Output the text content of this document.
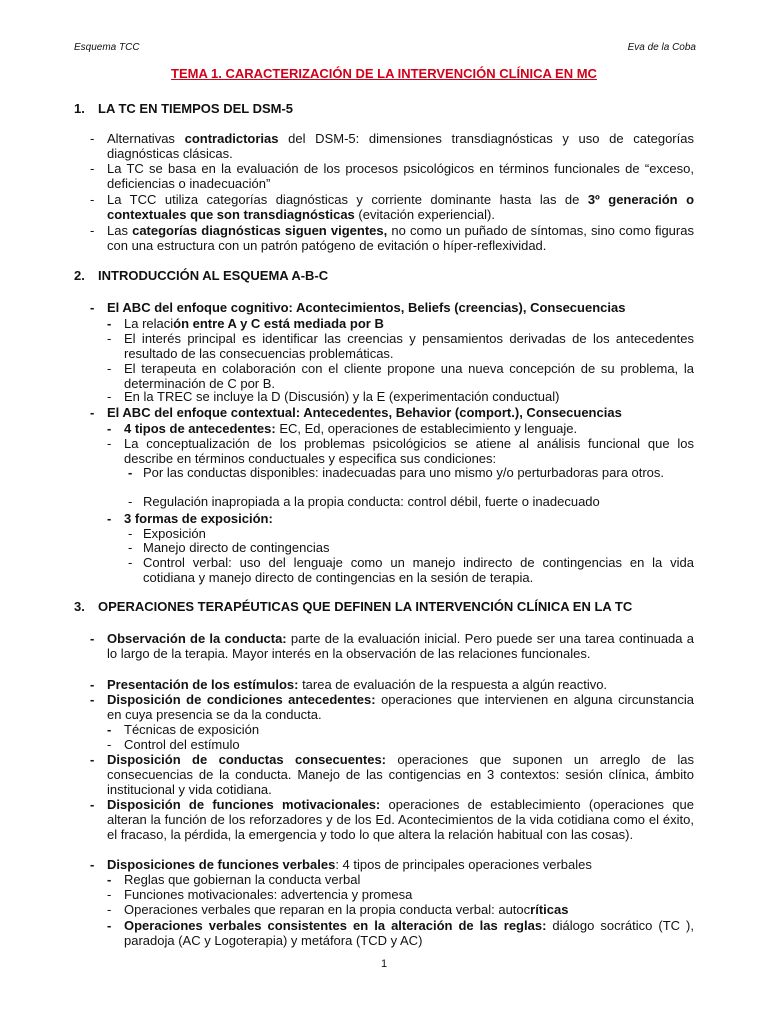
Esquema TCC	Eva de la Coba
TEMA 1. CARACTERIZACIÓN DE LA INTERVENCIÓN CLÍNICA EN MC
1. LA TC EN TIEMPOS DEL DSM-5
- Alternativas contradictorias del DSM-5: dimensiones transdiagnósticas y uso de categorías diagnósticas clásicas.
- La TC se basa en la evaluación de los procesos psicológicos en términos funcionales de “exceso, deficiencias o inadecuación”
- La TCC utiliza categorías diagnósticas y corriente dominante hasta las de 3º generación o contextuales que son transdiagnósticas (evitación experiencial).
- Las categorías diagnósticas siguen vigentes, no como un puñado de síntomas, sino como figuras con una estructura con un patrón patógeno de evitación o híper-reflexividad.
2. INTRODUCCIÓN AL ESQUEMA A-B-C
- El ABC del enfoque cognitivo: Acontecimientos, Beliefs (creencias), Consecuencias
- La relación entre A y C está mediada por B
- El interés principal es identificar las creencias y pensamientos derivadas de los antecedentes resultado de las consecuencias problemáticas.
- El terapeuta en colaboración con el cliente propone una nueva concepción de su problema, la determinación de C por B.
- En la TREC se incluye la D (Discusión) y la E (experimentación conductual)
- El ABC del enfoque contextual: Antecedentes, Behavior (comport.), Consecuencias
- 4 tipos de antecedentes: EC, Ed, operaciones de establecimiento y lenguaje.
- La conceptualización de los problemas psicológicios se atiene al análisis funcional que los describe en términos conductuales y especifica sus condiciones:
- Por las conductas disponibles: inadecuadas para uno mismo y/o perturbadoras para otros.
- Regulación inapropiada a la propia conducta: control débil, fuerte o inadecuado
- 3 formas de exposición:
- Exposición
- Manejo directo de contingencias
- Control verbal: uso del lenguaje como un manejo indirecto de contingencias en la vida cotidiana y manejo directo de contingencias en la sesión de terapia.
3. OPERACIONES TERAPÉUTICAS QUE DEFINEN LA INTERVENCIÓN CLÍNICA EN LA TC
- Observación de la conducta: parte de la evaluación inicial. Pero puede ser una tarea continuada a lo largo de la terapia. Mayor interés en la observación de las relaciones funcionales.
- Presentación de los estímulos: tarea de evaluación de la respuesta a algún reactivo.
- Disposición de condiciones antecedentes: operaciones que intervienen en alguna circunstancia en cuya presencia se da la conducta.
- Técnicas de exposición
- Control del estímulo
- Disposición de conductas consecuentes: operaciones que suponen un arreglo de las consecuencias de la conducta. Manejo de las contigencias en 3 contextos: sesión clínica, ámbito institucional y vida cotidiana.
- Disposición de funciones motivacionales: operaciones de establecimiento (operaciones que alteran la función de los reforzadores y de los Ed. Acontecimientos de la vida cotidiana como el éxito, el fracaso, la pérdida, la emergencia y todo lo que altera la relación habitual con las cosas).
- Disposiciones de funciones verbales: 4 tipos de principales operaciones verbales
- Reglas que gobiernan la conducta verbal
- Funciones motivacionales: advertencia y promesa
- Operaciones verbales que reparan en la propia conducta verbal: autocríticas
- Operaciones verbales consistentes en la alteración de las reglas: diálogo socrático (TC ), paradoja (AC y Logoterapia) y metáfora (TCD y AC)
1
